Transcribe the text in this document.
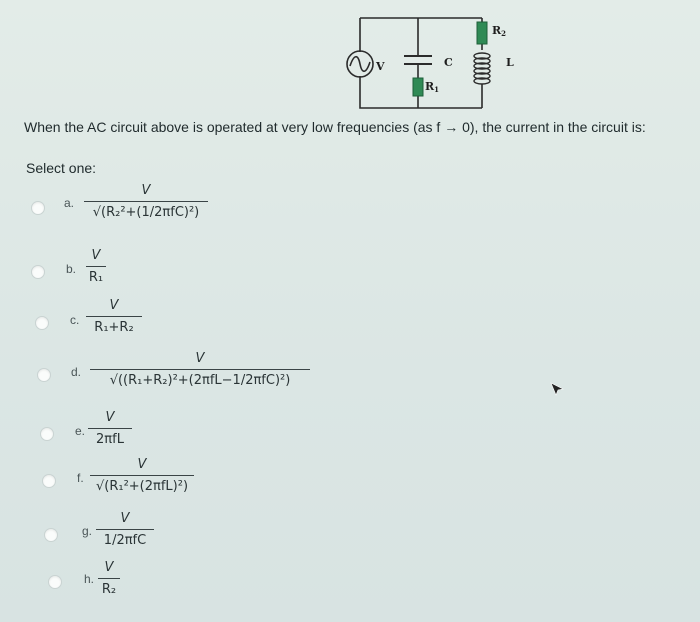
V	C
R1
R2
L
When the AC circuit above is operated at very low frequencies (as f → 0), the current in the circuit is:
Select one:
a.
V
√(R₂²+(1/2πfC)²)
b.
V
R₁
c.
V
R₁+R₂
d.
V
√((R₁+R₂)²+(2πfL−1/2πfC)²)
e.
V
2πfL
f.
V
√(R₁²+(2πfL)²)
g.
V
1/2πfC
h.
V
R₂
